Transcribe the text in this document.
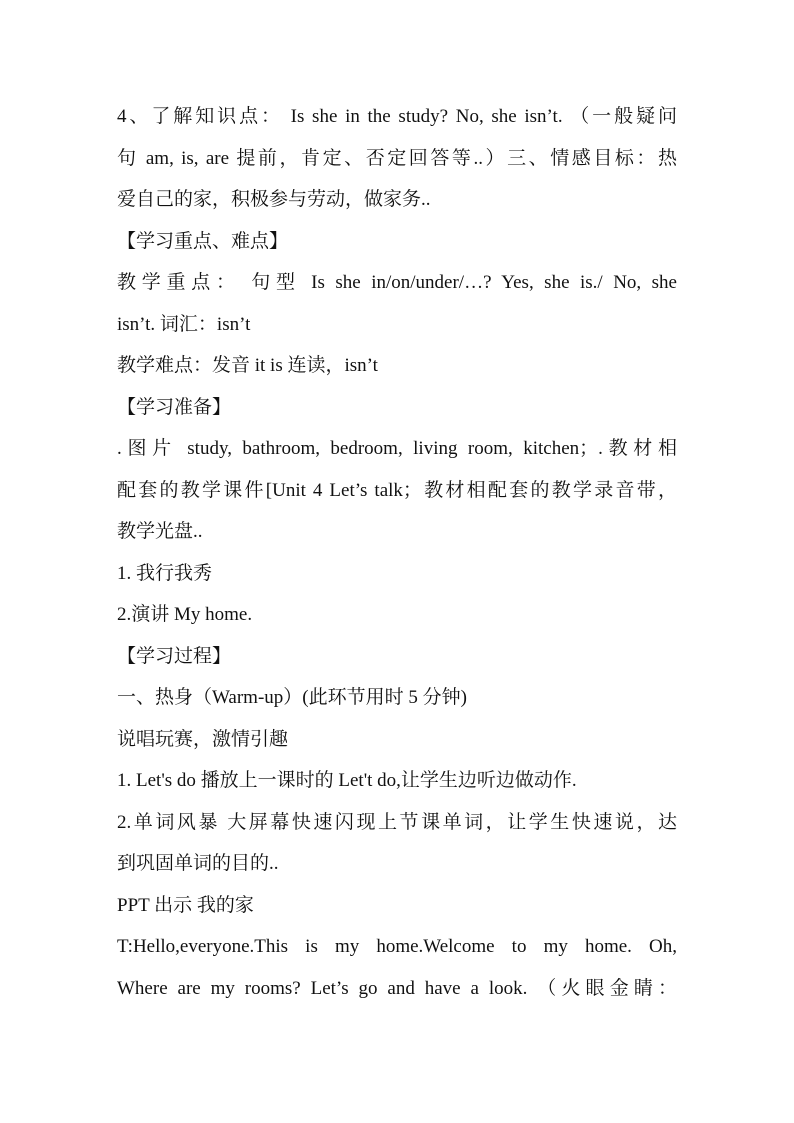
4、了解知识点： Is she in the study? No, she isn’t. （一般疑问
句 am, is, are 提前，肯定、否定回答等..）三、情感目标：热
爱自己的家，积极参与劳动，做家务..
【学习重点、难点】
教学重点： 句型 Is she in/on/under/…? Yes, she is./ No, she
isn’t. 词汇：isn’t
教学难点：发音 it is 连读，isn’t
【学习准备】
.图片 study, bathroom, bedroom, living room, kitchen；.教材相
配套的教学课件[Unit 4 Let’s talk；教材相配套的教学录音带，
教学光盘..
1. 我行我秀
2.演讲 My home.
【学习过程】
一、热身（Warm-up）(此环节用时 5 分钟)
说唱玩赛，激情引趣
1. Let's do 播放上一课时的 Let't do,让学生边听边做动作.
2.单词风暴 大屏幕快速闪现上节课单词，让学生快速说，达
到巩固单词的目的..
PPT 出示 我的家
T:Hello,everyone.This is my home.Welcome to my home. Oh,
Where are my rooms? Let’s go and have a look. （火眼金睛：
